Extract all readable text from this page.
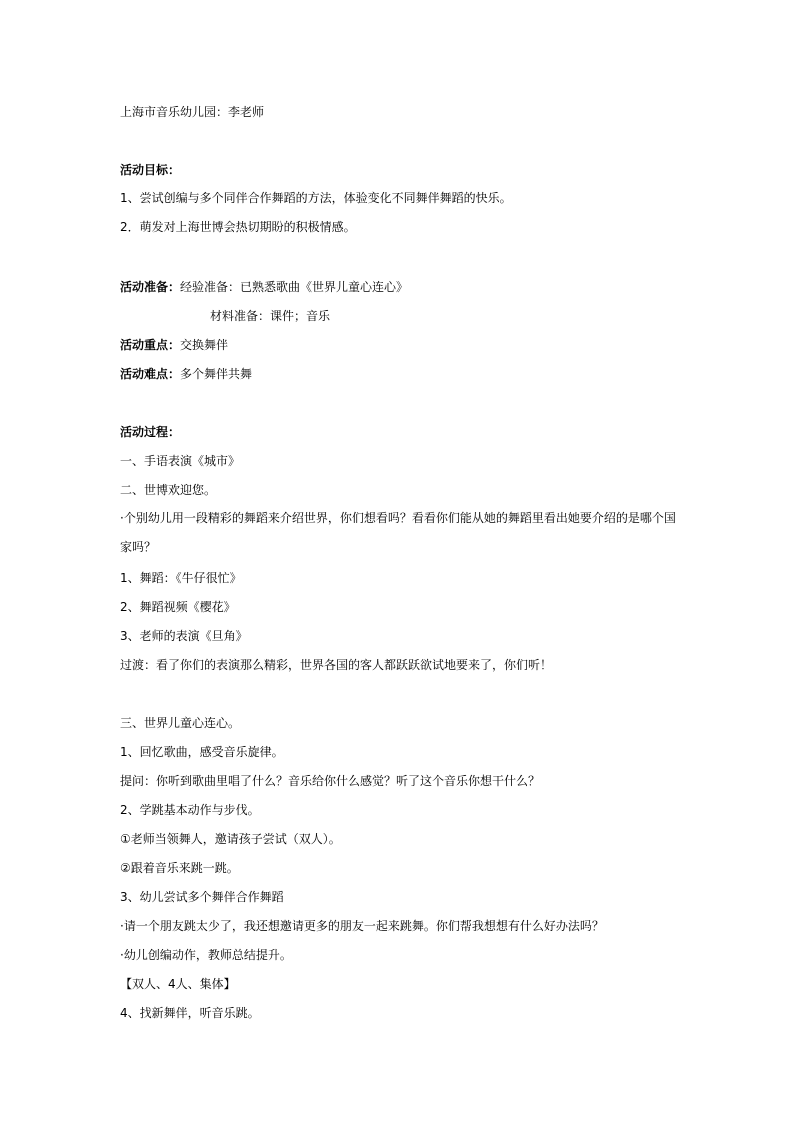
上海市音乐幼儿园：李老师
活动目标：
1、尝试创编与多个同伴合作舞蹈的方法，体验变化不同舞伴舞蹈的快乐。
2．萌发对上海世博会热切期盼的积极情感。
活动准备：经验准备：已熟悉歌曲《世界儿童心连心》
材料准备：课件；音乐
活动重点：交换舞伴
活动难点：多个舞伴共舞
活动过程：
一、手语表演《城市》
二、世博欢迎您。
·个别幼儿用一段精彩的舞蹈来介绍世界，你们想看吗？看看你们能从她的舞蹈里看出她要介绍的是哪个国家吗？
1、舞蹈：《牛仔很忙》
2、舞蹈视频《樱花》
3、老师的表演《旦角》
过渡：看了你们的表演那么精彩，世界各国的客人都跃跃欲试地要来了，你们听！
三、世界儿童心连心。
1、回忆歌曲，感受音乐旋律。
提问：你听到歌曲里唱了什么？音乐给你什么感觉？听了这个音乐你想干什么？
2、学跳基本动作与步伐。
①老师当领舞人，邀请孩子尝试（双人）。
②跟着音乐来跳一跳。
3、幼儿尝试多个舞伴合作舞蹈
·请一个朋友跳太少了，我还想邀请更多的朋友一起来跳舞。你们帮我想想有什么好办法吗？
·幼儿创编动作，教师总结提升。
【双人、4人、集体】
4、找新舞伴，听音乐跳。
